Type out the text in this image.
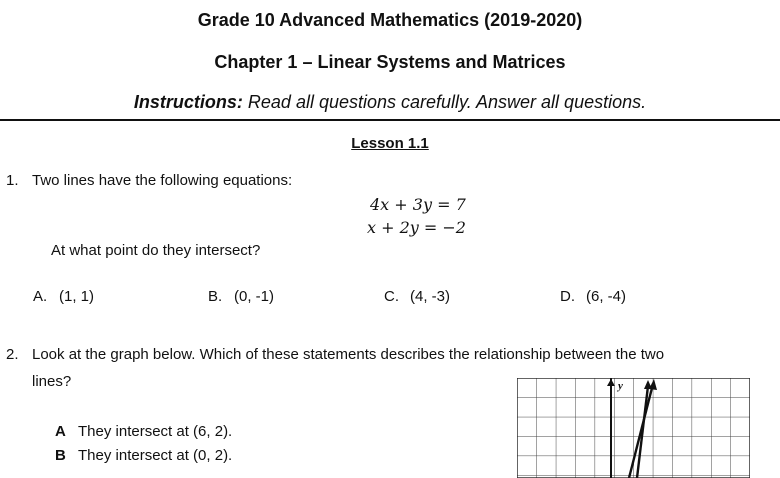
Grade 10 Advanced Mathematics (2019-2020)
Chapter 1 – Linear Systems and Matrices
Instructions: Read all questions carefully. Answer all questions.
Lesson 1.1
1. Two lines have the following equations:
4x + 3y = 7
x + 2y = −2
At what point do they intersect?
A. (1, 1)	B. (0, -1)	C. (4, -3)	D. (6, -4)
2. Look at the graph below. Which of these statements describes the relationship between the two
lines?
A They intersect at (6, 2).
B They intersect at (0, 2).
y
